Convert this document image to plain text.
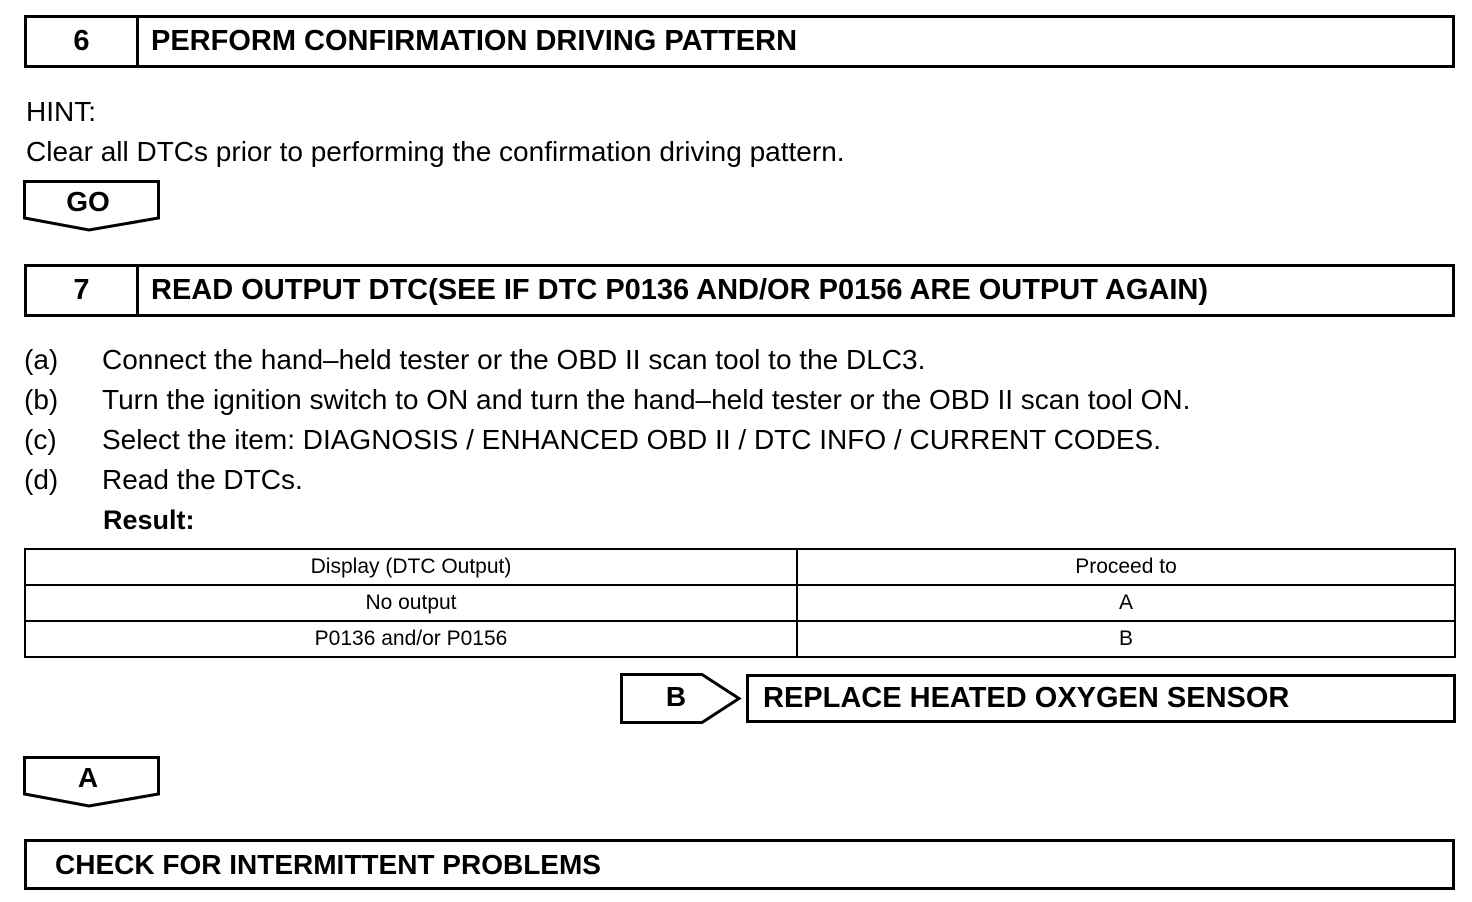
6	PERFORM CONFIRMATION DRIVING PATTERN
HINT:
Clear all DTCs prior to performing the confirmation driving pattern.
GO
7	READ OUTPUT DTC(SEE IF DTC P0136 AND/OR P0156 ARE OUTPUT AGAIN)
(a) Connect the hand–held tester or the OBD II scan tool to the DLC3.
(b) Turn the ignition switch to ON and turn the hand–held tester or the OBD II scan tool ON.
(c) Select the item: DIAGNOSIS / ENHANCED OBD II / DTC INFO / CURRENT CODES.
(d) Read the DTCs.
Result:
Display (DTC Output)	Proceed to
No output	A
P0136 and/or P0156	B
B	REPLACE HEATED OXYGEN SENSOR
A
CHECK FOR INTERMITTENT PROBLEMS
